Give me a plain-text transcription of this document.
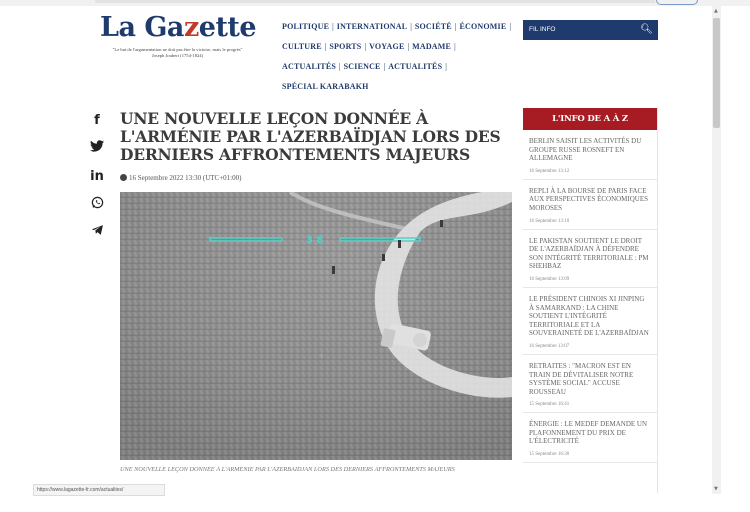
La Gazette
"Le but de l'argumentation ne doit pas être la victoire, mais le progrès"
Joseph Joubert (1754-1824)
POLITIQUE | INTERNATIONAL | SOCIÉTÉ | ÉCONOMIE |
CULTURE | SPORTS | VOYAGE | MADAME |
ACTUALITÉS | SCIENCE | ACTUALITÉS |
SPÉCIAL KARABAKH
FIL INFO	🔍︎
f
in
UNE NOUVELLE LEÇON DONNÉE À L'ARMÉNIE PAR L'AZERBAÏDJAN LORS DES DERNIERS AFFRONTEMENTS MAJEURS
16 Septembre 2022 13:30 (UTC+01:00)
3 8
+
UNE NOUVELLE LEÇON DONNÉE À L'ARMÉNIE PAR L'AZERBAÏDJAN LORS DES DERNIERS AFFRONTEMENTS MAJEURS
L'INFO DE A À Z
BERLIN SAISIT LES ACTIVITÉS DU GROUPE RUSSE ROSNEFT EN ALLEMAGNE
16 Septembre 13:12
REPLI À LA BOURSE DE PARIS FACE AUX PERSPECTIVES ÉCONOMIQUES MOROSES
16 Septembre 13:10
LE PAKISTAN SOUTIENT LE DROIT DE L'AZERBAÏDJAN À DÉFENDRE SON INTÉGRITÉ TERRITORIALE : PM SHEHBAZ
16 Septembre 13:09
LE PRÉSIDENT CHINOIS XI JINPING À SAMARKAND : LA CHINE SOUTIENT L'INTÉGRITÉ TERRITORIALE ET LA SOUVERAINETÉ DE L'AZERBAÏDJAN
16 Septembre 13:07
RETRAITES : "MACRON EST EN TRAIN DE DÉVITALISER NOTRE SYSTÈME SOCIAL" ACCUSE ROUSSEAU
15 Septembre 16:41
ÉNERGIE : LE MEDEF DEMANDE UN PLAFONNEMENT DU PRIX DE L'ÉLECTRICITÉ
15 Septembre 16:30
▲
▼
https://www.lagazette-fr.com/actualites/
